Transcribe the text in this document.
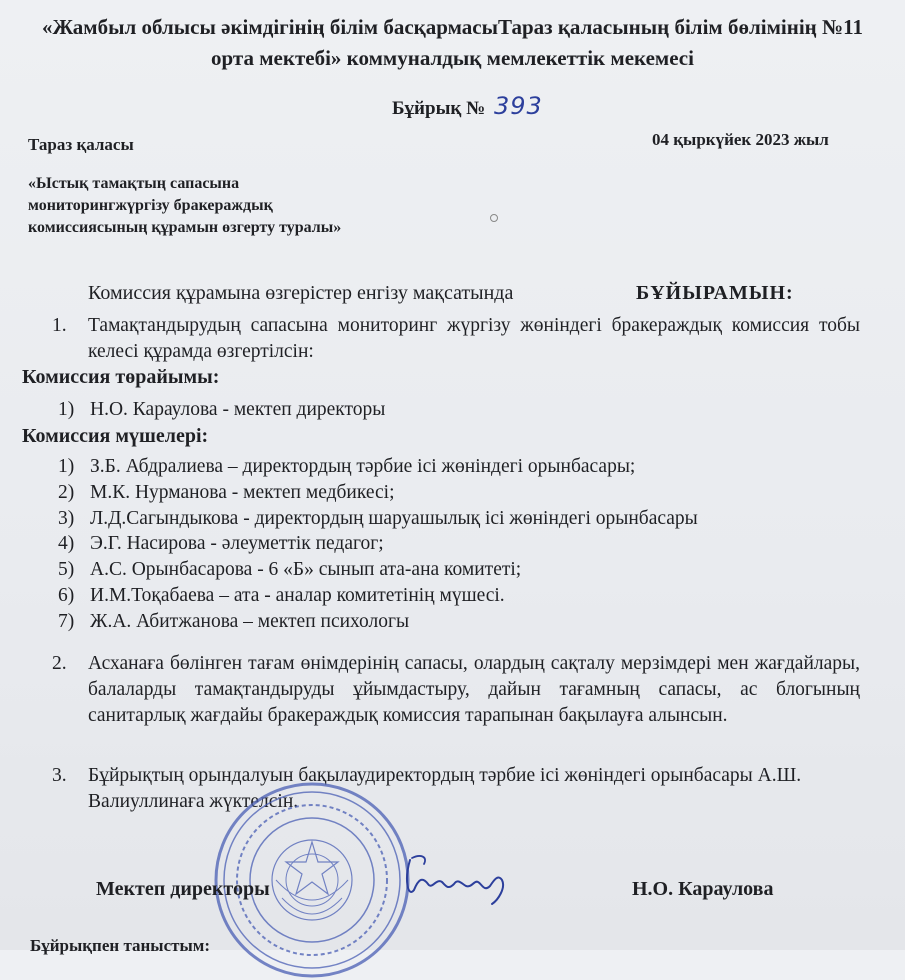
«Жамбыл облысы әкімдігінің білім басқармасыТараз қаласының білім бөлімінің №11 орта мектебі» коммуналдық мемлекеттік мекемесі
Бұйрық № 393
Тараз қаласы	04 қыркүйек 2023 жыл
«Ыстық тамақтың сапасына мониторингжүргізу бракераждық комиссиясының құрамын өзгерту туралы»
Комиссия құрамына өзгерістер енгізу мақсатында	БҰЙЫРАМЫН:
1. Тамақтандырудың сапасына мониторинг жүргізу жөніндегі бракераждық комиссия тобы келесі құрамда өзгертілсін:
Комиссия төрайымы:
1) Н.О. Караулова - мектеп директоры
Комиссия мүшелері:
1) З.Б. Абдралиева – директордың тәрбие ісі жөніндегі орынбасары;
2) М.К. Нурманова - мектеп медбикесі;
3) Л.Д.Сагындыкова - директордың шаруашылық ісі жөніндегі орынбасары
4) Э.Г. Насирова - әлеуметтік педагог;
5) А.С. Орынбасарова - 6 «Б» сынып ата-ана комитеті;
6) И.М.Тоқабаева – ата - аналар комитетінің мүшесі.
7) Ж.А. Абитжанова – мектеп психологы
2. Асханаға бөлінген тағам өнімдерінің сапасы, олардың сақталу мерзімдері мен жағдайлары, балаларды тамақтандыруды ұйымдастыру, дайын тағамның сапасы, ас блогының санитарлық жағдайы бракераждық комиссия тарапынан бақылауға алынсын.
3. Бұйрықтың орындалуын бақылаудиректордың тәрбие ісі жөніндегі орынбасары А.Ш. Валиуллинаға жүктелсін.
Мектеп директоры	Н.О. Караулова
Бұйрықпен таныстым:
